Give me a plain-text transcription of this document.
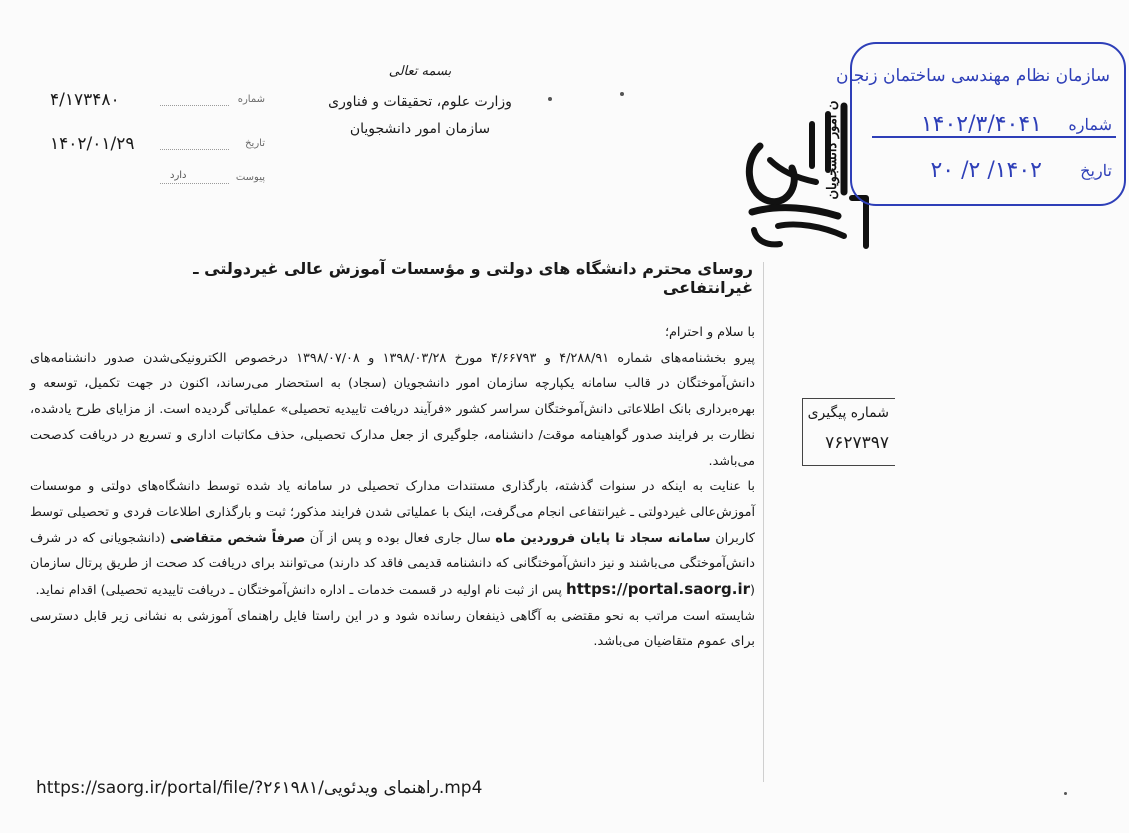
۴/۱۷۳۴۸۰	شماره
۱۴۰۲/۰۱/۲۹	تاریخ
دارد	پیوست
بسمه تعالی
وزارت علوم، تحقیقات و فناوری
سازمان امور دانشجویان	سازمان امور دانشجویان
سازمان نظام مهندسی ساختمان زنجان
شماره
۱۴۰۲/۳/۴۰۴۱
تاریخ
۱۴۰۲/ ۲/ ۲۰
روسای محترم دانشگاه های دولتی و مؤسسات آموزش عالی غیردولتی ـ غیرانتفاعی
شماره پیگیری
۷۶۲۷۳۹۷

با سلام و احترام؛

پیرو بخشنامه‌های شماره ۴/۲۸۸/۹۱ و ۴/۶۶۷۹۳ مورخ ۱۳۹۸/۰۳/۲۸ و ۱۳۹۸/۰۷/۰۸ درخصوص الکترونیکی‌شدن صدور دانشنامه‌های دانش‌آموختگان در قالب سامانه یکپارچه سازمان امور دانشجویان (سجاد) به استحضار می‌رساند، اکنون در جهت تکمیل، توسعه و بهره‌برداری بانک اطلاعاتی دانش‌آموختگان سراسر کشور «فرآیند دریافت تاییدیه تحصیلی» عملیاتی گردیده است. از مزایای طرح یادشده، نظارت بر فرایند صدور گواهینامه موقت/ دانشنامه، جلوگیری از جعل مدارک تحصیلی، حذف مکاتبات اداری و تسریع در دریافت کدصحت می‌باشد.

با عنایت به اینکه در سنوات گذشته، بارگذاری مستندات مدارک تحصیلی در سامانه یاد شده توسط دانشگاه‌های دولتی و موسسات آموزش‌عالی غیردولتی ـ غیرانتفاعی انجام می‌گرفت، اینک با عملیاتی شدن فرایند مذکور؛ ثبت و بارگذاری اطلاعات فردی و تحصیلی توسط کاربران سامانه سجاد تا پایان فروردین ماه سال جاری فعال بوده و پس از آن صرفاً شخص متقاضی (دانشجویانی که در شرف دانش‌آموختگی می‌باشند و نیز دانش‌آموختگانی که دانشنامه قدیمی فاقد کد دارند) می‌توانند برای دریافت کد صحت از طریق پرتال سازمان (https://portal.saorg.ir پس از ثبت نام اولیه در قسمت خدمات ـ اداره دانش‌آموختگان ـ دریافت تاییدیه تحصیلی) اقدام نماید.

شایسته است مراتب به نحو مقتضی به آگاهی ذینفعان رسانده شود و در این راستا فایل راهنمای آموزشی به نشانی زیر قابل دسترسی برای عموم متقاضیان می‌باشد.

https://saorg.ir/portal/file/?۲۶۱۹۸۱/راهنمای ویدئویی.mp4
